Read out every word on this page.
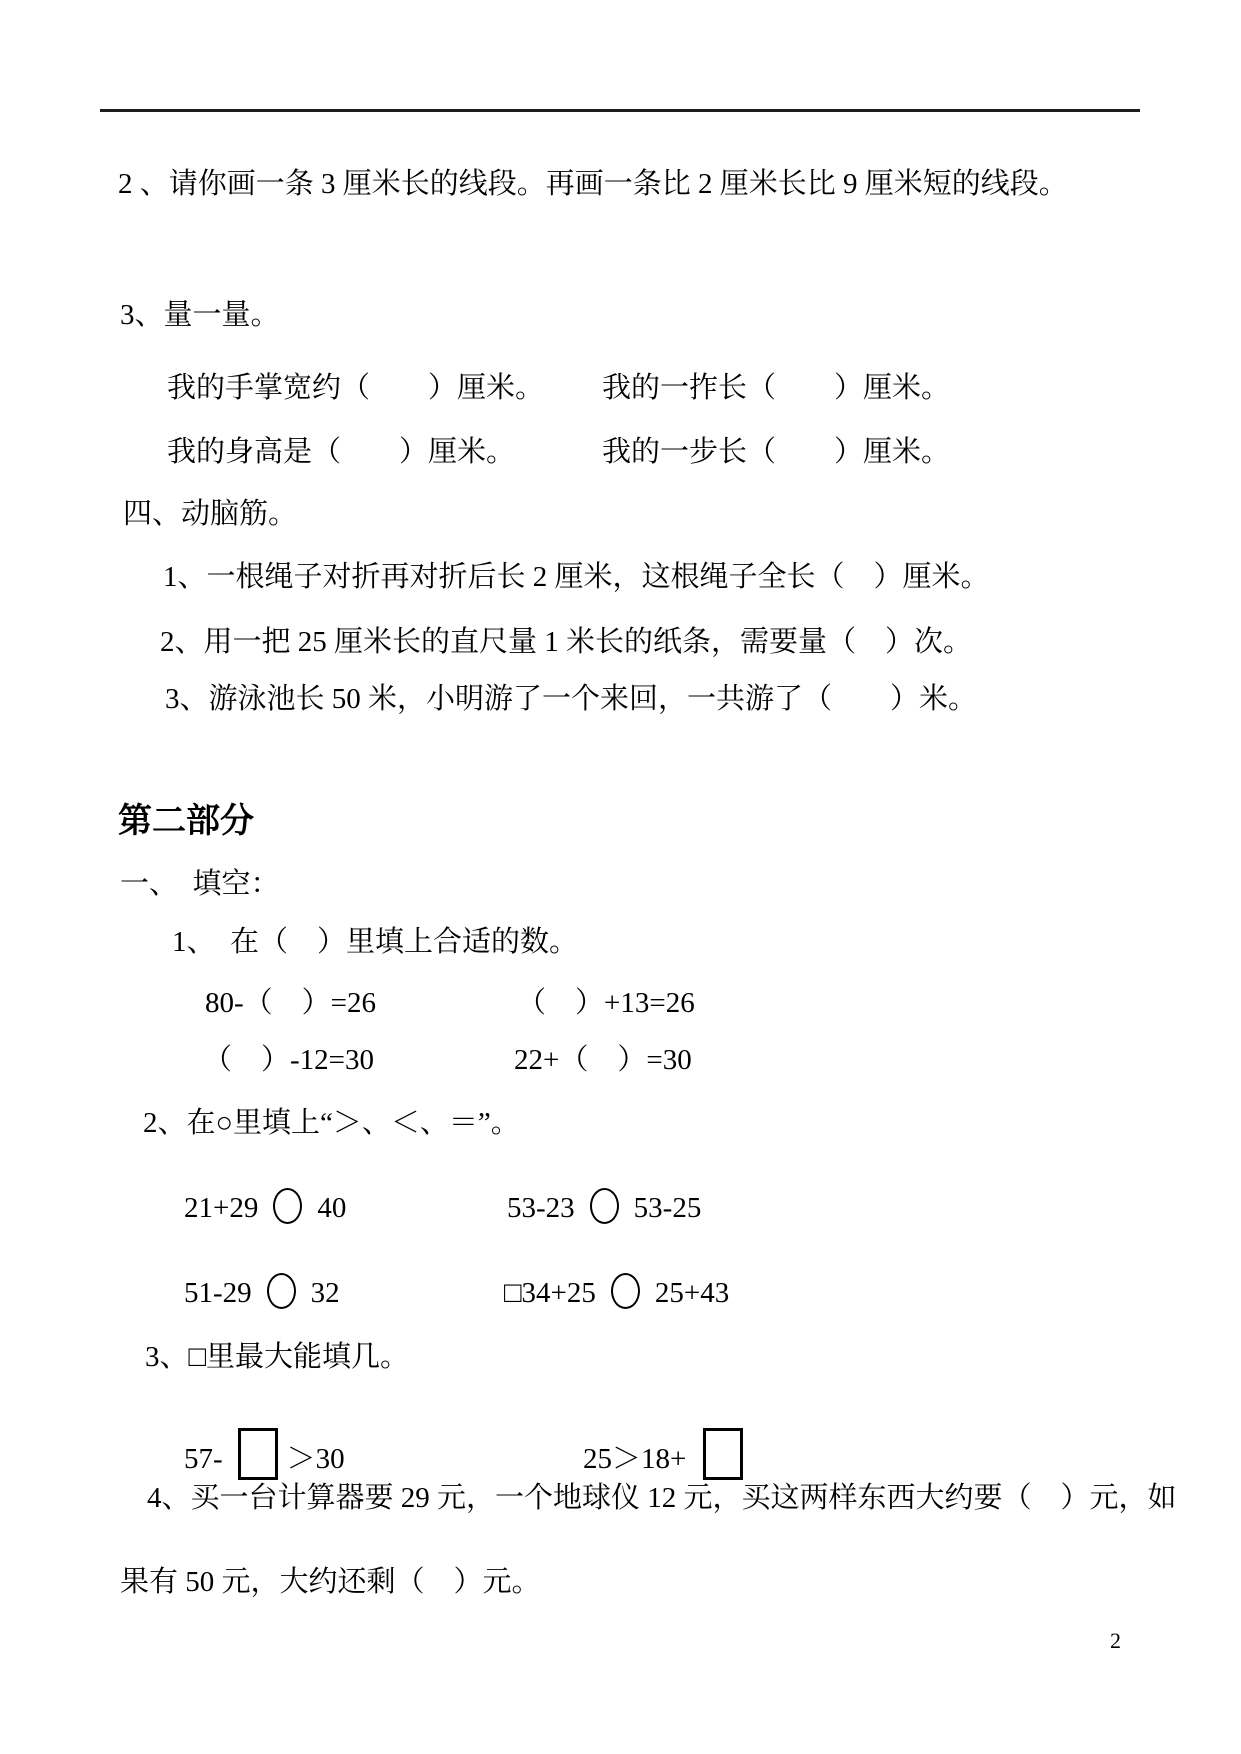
2 、请你画一条 3 厘米长的线段。再画一条比 2 厘米长比 9 厘米短的线段。
3、量一量。
我的手掌宽约（　　）厘米。 我的一拃长（　　）厘米。
我的身高是（　　）厘米。	我的一步长（　　）厘米。
四、动脑筋。
1、一根绳子对折再对折后长 2 厘米，这根绳子全长（　）厘米。
2、用一把 25 厘米长的直尺量 1 米长的纸条，需要量（　）次。
3、游泳池长 50 米，小明游了一个来回，一共游了（　　）米。
第二部分
一、　填空：
1、　在（　）里填上合适的数。
80-（　）=26	（　）+13=26
（　）-12=30	22+（　）=30
2、在○里填上“＞、＜、＝”。
21+29 40	53-23 53-25
51-29 32	□34+25 25+43
3、□里最大能填几。
57- ＞30	25＞18+
4、买一台计算器要 29 元，一个地球仪 12 元，买这两样东西大约要（　）元，如
果有 50 元，大约还剩（　）元。
2
